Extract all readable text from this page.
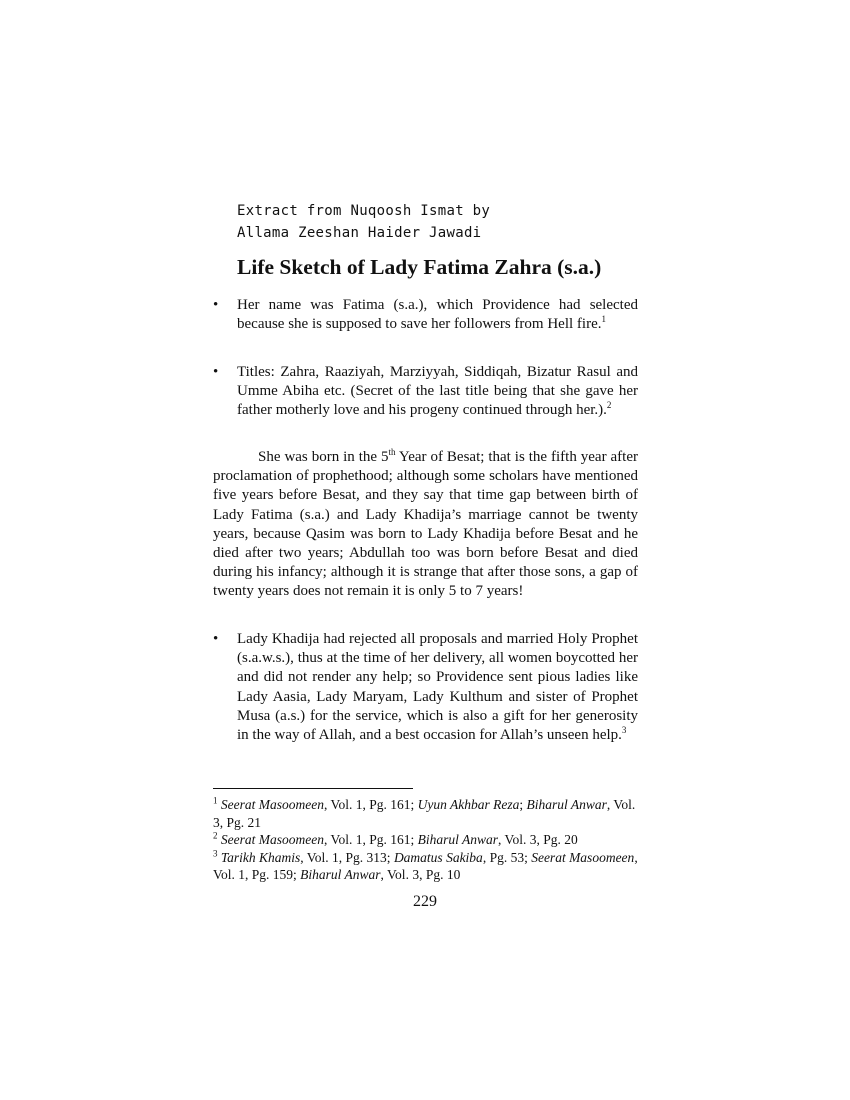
Extract from Nuqoosh Ismat by
Allama Zeeshan Haider Jawadi
Life Sketch of Lady Fatima Zahra (s.a.)
•	Her name was Fatima (s.a.), which Providence had selected because she is supposed to save her followers from Hell fire.$^1$
•	Titles: Zahra, Raaziyah, Marziyyah, Siddiqah, Bizatur Rasul and Umme Abiha etc. (Secret of the last title being that she gave her father motherly love and his progeny continued through her.).$^2$

She was born in the 5th Year of Besat; that is the fifth year after proclamation of prophethood; although some scholars have mentioned five years before Besat, and they say that time gap between birth of Lady Fatima (s.a.) and Lady Khadija’s marriage cannot be twenty years, because Qasim was born to Lady Khadija before Besat and he died after two years; Abdullah too was born before Besat and died during his infancy; although it is strange that after those sons, a gap of twenty years does not remain it is only 5 to 7 years!

•	Lady Khadija had rejected all proposals and married Holy Prophet (s.a.w.s.), thus at the time of her delivery, all women boycotted her and did not render any help; so Providence sent pious ladies like Lady Aasia, Lady Maryam, Lady Kulthum and sister of Prophet Musa (a.s.) for the service, which is also a gift for her generosity in the way of Allah, and a best occasion for Allah’s unseen help.$^3$

$^1$ Seerat Masoomeen, Vol. 1, Pg. 161; Uyun Akhbar Reza; Biharul Anwar, Vol. 3, Pg. 21

$^2$ Seerat Masoomeen, Vol. 1, Pg. 161; Biharul Anwar, Vol. 3, Pg. 20

$^3$ Tarikh Khamis, Vol. 1, Pg. 313; Damatus Sakiba, Pg. 53; Seerat Masoomeen, Vol. 1, Pg. 159; Biharul Anwar, Vol. 3, Pg. 10

229
